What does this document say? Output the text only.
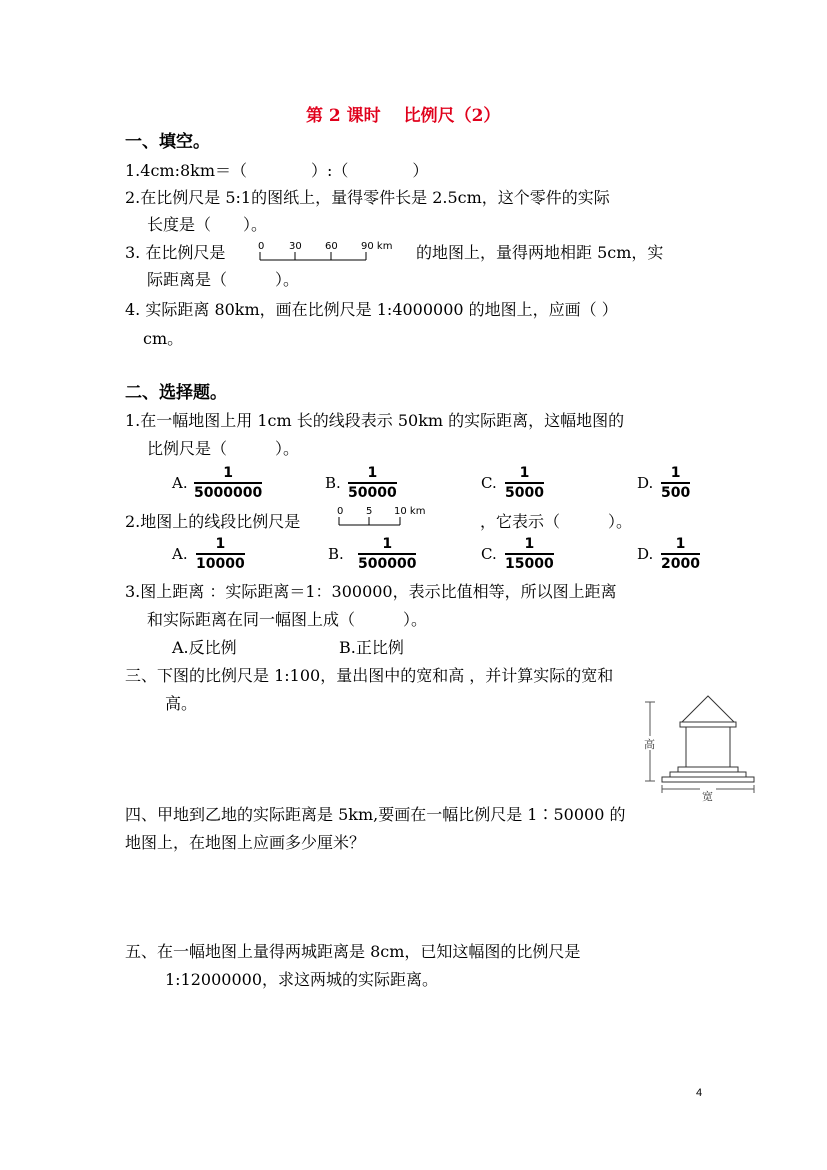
第 2 课时　 比例尺（2）
一、填空。
1.4cm:8km＝（　　　　）:（　　　　）
2.在比例尺是 5:1的图纸上，量得零件长是 2.5cm，这个零件的实际
长度是（　　）。
3. 在比例尺是	0 30 60 90 km 的地图上，量得两地相距 5cm，实
际距离是（　　　）。
4. 实际距离 80km，画在比例尺是 1:4000000 的地图上，应画（ ）
cm。
二、选择题。
1.在一幅地图上用 1cm 长的线段表示 50km 的实际距离，这幅地图的
比例尺是（　　　）。
A.
1
5000000
B.
1
50000
C.
1
5000
D.
1
500
2.地图上的线段比例尺是
0 5 10 km
，它表示（　　　）。
A.
1
10000
B.
1
500000
C.
1
15000
D.
1
2000
3.图上距离 ：实际距离＝1：300000，表示比值相等，所以图上距离
和实际距离在同一幅图上成（　　　）。
A.反比例	B.正比例
三、下图的比例尺是 1:100，量出图中的宽和高 ，并计算实际的宽和
高。
高
宽
四、甲地到乙地的实际距离是 5km,要画在一幅比例尺是 1∶50000 的
地图上，在地图上应画多少厘米？
五、在一幅地图上量得两城距离是 8cm，已知这幅图的比例尺是
1:12000000，求这两城的实际距离。
4
